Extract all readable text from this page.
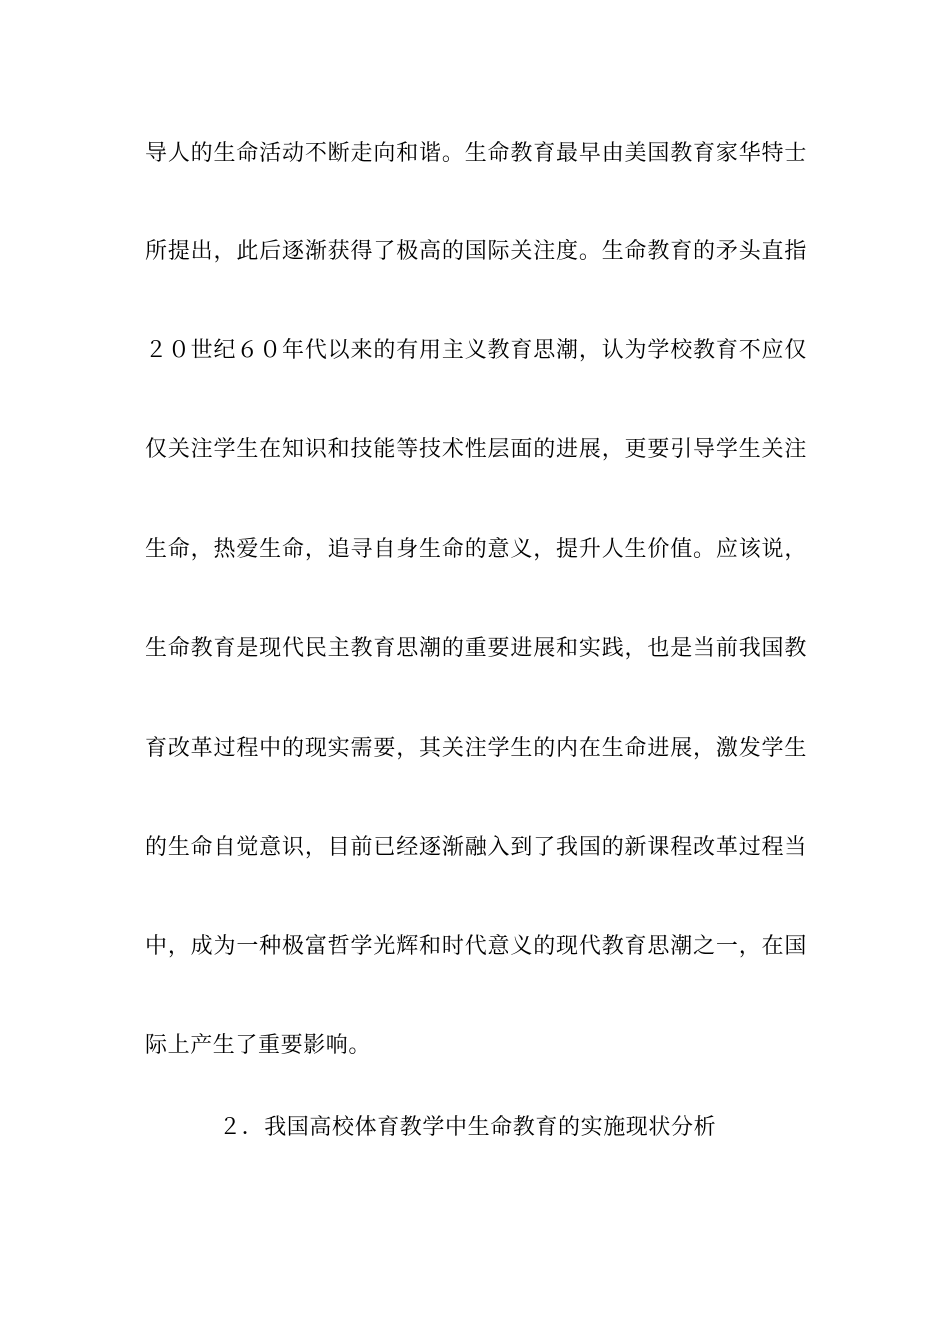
导人的生命活动不断走向和谐。生命教育最早由美国教育家华特士
所提出，此后逐渐获得了极高的国际关注度。生命教育的矛头直指
２０世纪６０年代以来的有用主义教育思潮，认为学校教育不应仅
仅关注学生在知识和技能等技术性层面的进展，更要引导学生关注
生命，热爱生命，追寻自身生命的意义，提升人生价值。应该说，
生命教育是现代民主教育思潮的重要进展和实践，也是当前我国教
育改革过程中的现实需要，其关注学生的内在生命进展，激发学生
的生命自觉意识，目前已经逐渐融入到了我国的新课程改革过程当
中，成为一种极富哲学光辉和时代意义的现代教育思潮之一，在国
际上产生了重要影响。
２．我国高校体育教学中生命教育的实施现状分析
